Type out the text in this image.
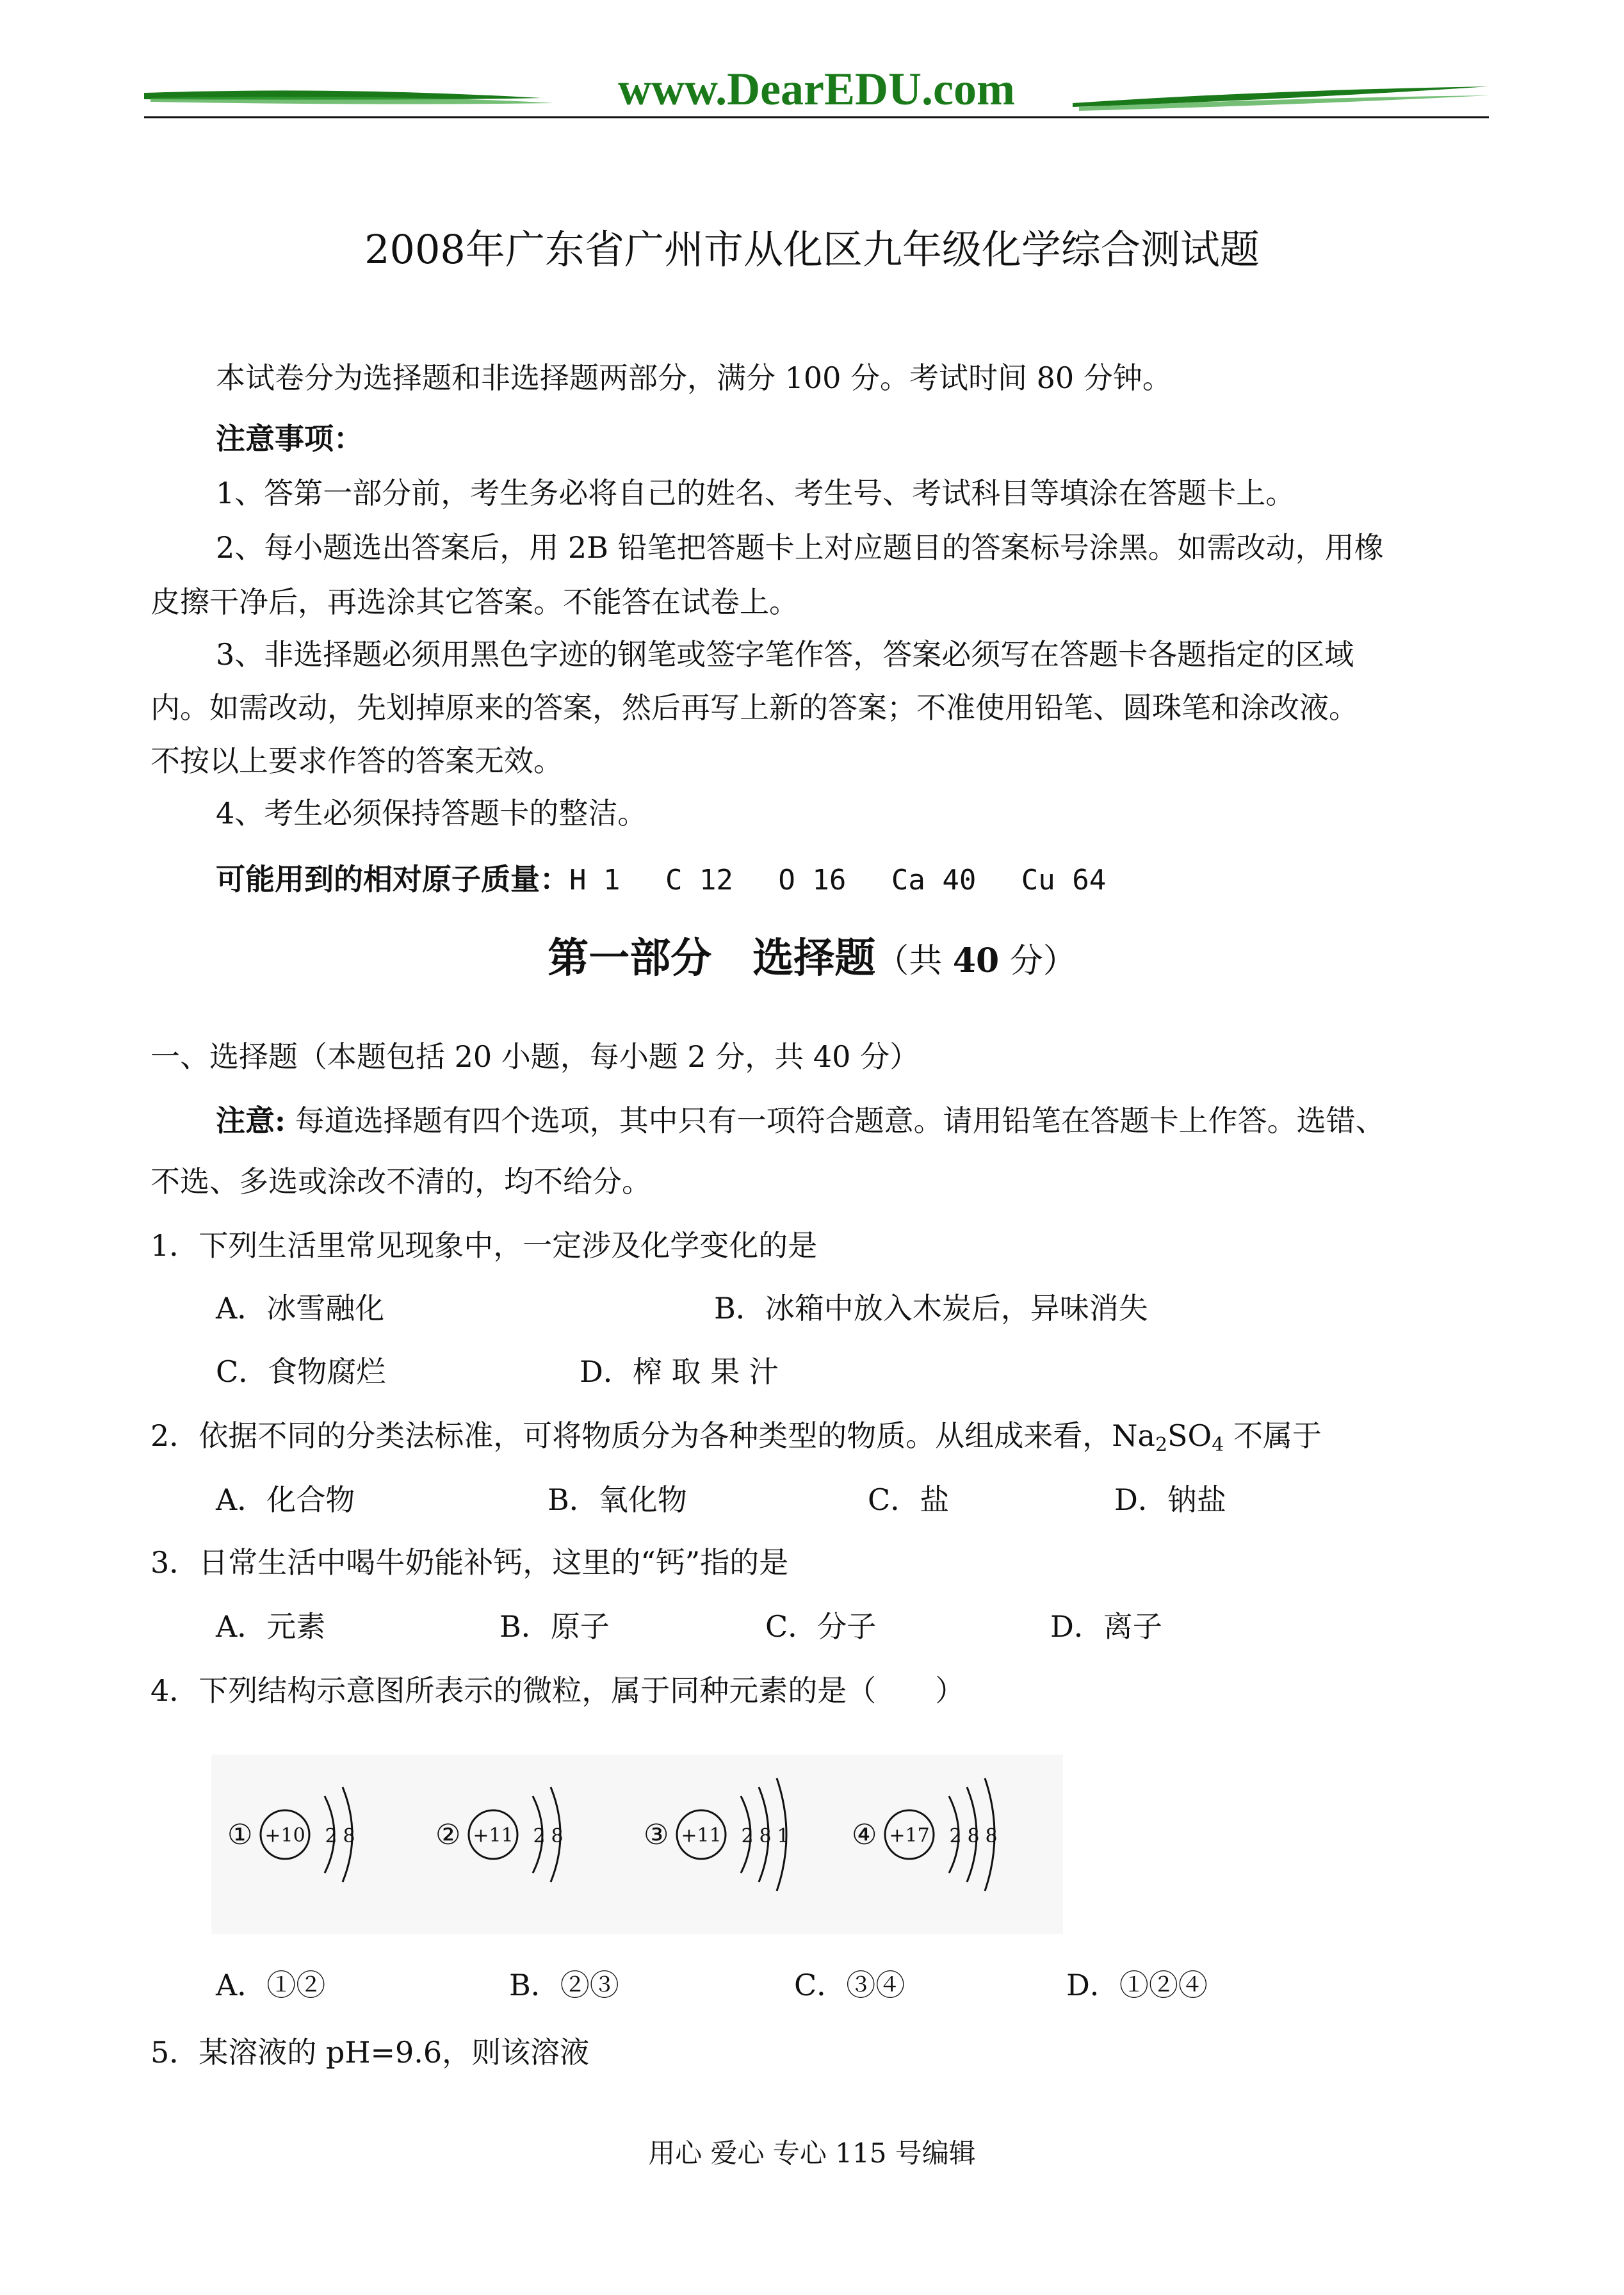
www.DearEDU.com
2008年广东省广州市从化区九年级化学综合测试题
本试卷分为选择题和非选择题两部分，满分 100 分。考试时间 80 分钟。
注意事项：
1、答第一部分前，考生务必将自己的姓名、考生号、考试科目等填涂在答题卡上。
2、每小题选出答案后，用 2B 铅笔把答题卡上对应题目的答案标号涂黑。如需改动，用橡
皮擦干净后，再选涂其它答案。不能答在试卷上。
3、非选择题必须用黑色字迹的钢笔或签字笔作答，答案必须写在答题卡各题指定的区域
内。如需改动，先划掉原来的答案，然后再写上新的答案；不准使用铅笔、圆珠笔和涂改液。
不按以上要求作答的答案无效。
4、考生必须保持答题卡的整洁。
可能用到的相对原子质量：H 1　 C 12　 O 16　 Ca 40　 Cu 64
第一部分　选择题（共 40 分）
一、选择题（本题包括 20 小题，每小题 2 分，共 40 分）
注意: 每道选择题有四个选项，其中只有一项符合题意。请用铅笔在答题卡上作答。选错、
不选、多选或涂改不清的，均不给分。
1．下列生活里常见现象中，一定涉及化学变化的是
A．冰雪融化	B．冰箱中放入木炭后，异味消失
C．食物腐烂	D．榨 取 果 汁
2．依据不同的分类法标准，可将物质分为各种类型的物质。从组成来看，$Na_2SO_4$ 不属于
A．化合物	B．氧化物	C．盐	D．钠盐
3．日常生活中喝牛奶能补钙，这里的“钙”指的是
A．元素	B．原子	C．分子	D．离子
4．下列结构示意图所表示的微粒，属于同种元素的是（　　）
① +10 2 8	② +11 2 8	③ +11 2 8 1 ④ +17 2 8 8
A．①②	B．②③	C．③④	D．①②④
5．某溶液的 pH=9.6，则该溶液
用心 爱心 专心 115 号编辑
